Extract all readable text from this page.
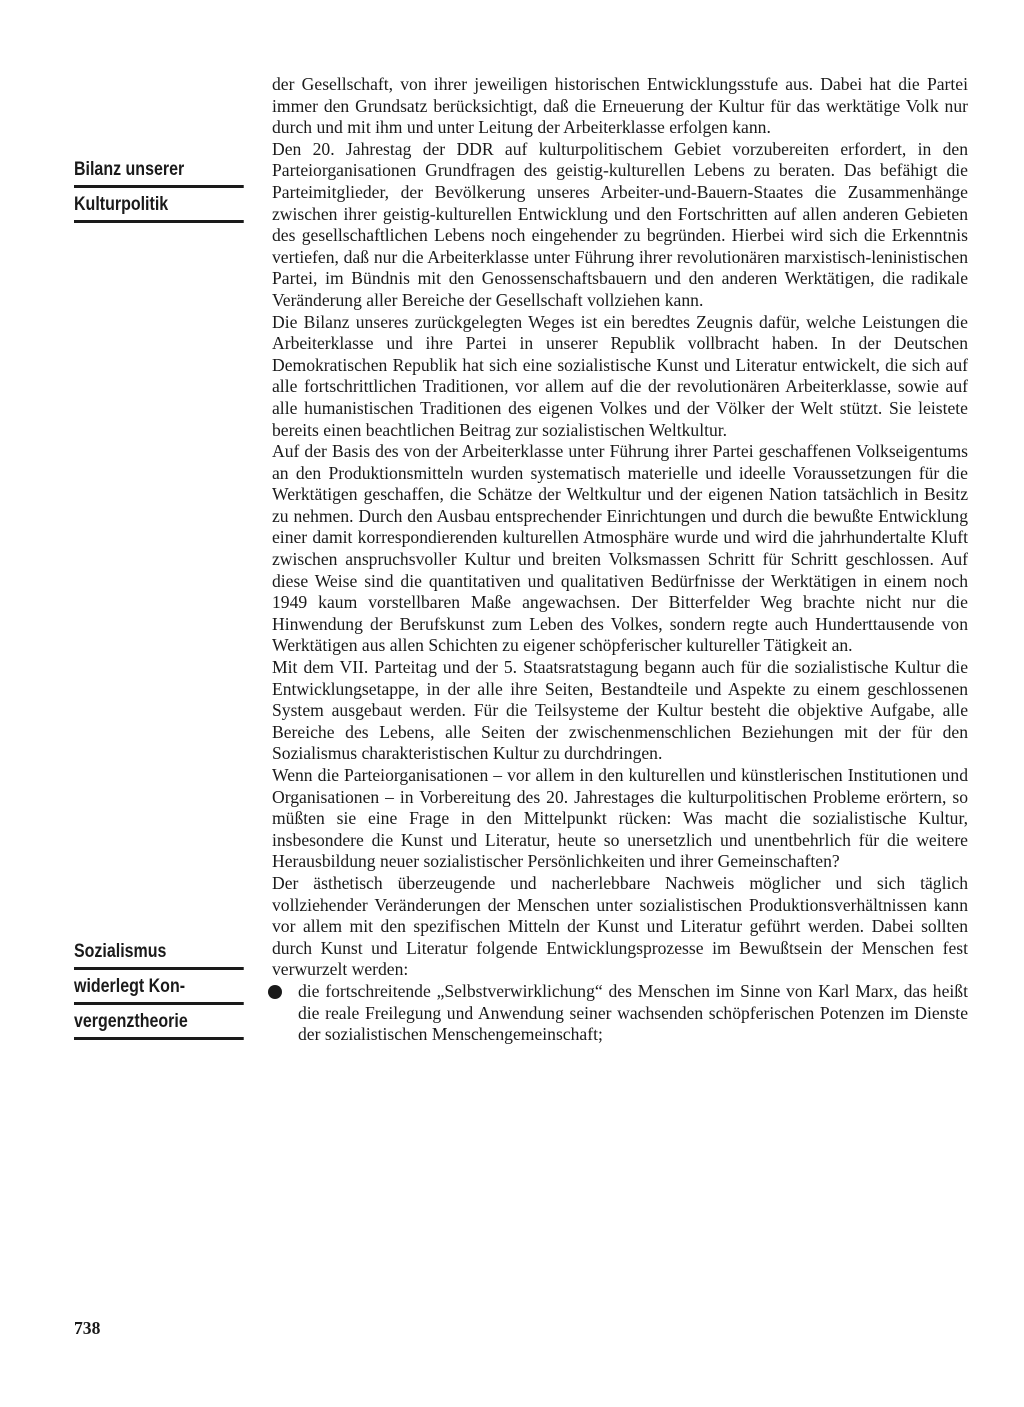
Bilanz unserer
Kulturpolitik
Sozialismus
widerlegt Kon-
vergenztheorie

der Gesellschaft, von ihrer jeweiligen historischen Entwicklungsstufe aus. Dabei hat die Partei immer den Grundsatz berücksichtigt, daß die Erneuerung der Kultur für das werktätige Volk nur durch und mit ihm und unter Leitung der Arbeiterklasse erfolgen kann.

Den 20. Jahrestag der DDR auf kulturpolitischem Gebiet vorzubereiten erfordert, in den Parteiorganisationen Grundfragen des geistig-kulturellen Lebens zu beraten. Das befähigt die Parteimitglieder, der Bevölkerung unseres Arbeiter-und-Bauern-Staates die Zusammenhänge zwischen ihrer geistig-kulturellen Entwicklung und den Fortschritten auf allen anderen Gebieten des gesellschaftlichen Lebens noch eingehender zu begründen. Hierbei wird sich die Erkenntnis vertiefen, daß nur die Arbeiterklasse unter Führung ihrer revolutionären marxistisch-leninistischen Partei, im Bündnis mit den Genossenschaftsbauern und den anderen Werktätigen, die radikale Veränderung aller Bereiche der Gesellschaft vollziehen kann.

Die Bilanz unseres zurückgelegten Weges ist ein beredtes Zeugnis dafür, welche Leistungen die Arbeiterklasse und ihre Partei in unserer Republik vollbracht haben. In der Deutschen Demokratischen Republik hat sich eine sozialistische Kunst und Literatur entwickelt, die sich auf alle fortschrittlichen Traditionen, vor allem auf die der revolutionären Arbeiterklasse, sowie auf alle humanistischen Traditionen des eigenen Volkes und der Völker der Welt stützt. Sie leistete bereits einen beachtlichen Beitrag zur sozialistischen Weltkultur.

Auf der Basis des von der Arbeiterklasse unter Führung ihrer Partei geschaffenen Volkseigentums an den Produktionsmitteln wurden systematisch materielle und ideelle Voraussetzungen für die Werktätigen geschaffen, die Schätze der Weltkultur und der eigenen Nation tatsächlich in Besitz zu nehmen. Durch den Ausbau entsprechender Einrichtungen und durch die bewußte Entwicklung einer damit korrespondierenden kulturellen Atmosphäre wurde und wird die jahrhundertalte Kluft zwischen anspruchsvoller Kultur und breiten Volksmassen Schritt für Schritt geschlossen. Auf diese Weise sind die quantitativen und qualitativen Bedürfnisse der Werktätigen in einem noch 1949 kaum vorstellbaren Maße angewachsen. Der Bitterfelder Weg brachte nicht nur die Hinwendung der Berufskunst zum Leben des Volkes, sondern regte auch Hunderttausende von Werktätigen aus allen Schichten zu eigener schöpferischer kultureller Tätigkeit an.

Mit dem VII. Parteitag und der 5. Staatsratstagung begann auch für die sozialistische Kultur die Entwicklungsetappe, in der alle ihre Seiten, Bestandteile und Aspekte zu einem geschlossenen System ausgebaut werden. Für die Teilsysteme der Kultur besteht die objektive Aufgabe, alle Bereiche des Lebens, alle Seiten der zwischenmenschlichen Beziehungen mit der für den Sozialismus charakteristischen Kultur zu durchdringen.

Wenn die Parteiorganisationen – vor allem in den kulturellen und künstlerischen Institutionen und Organisationen – in Vorbereitung des 20. Jahrestages die kulturpolitischen Probleme erörtern, so müßten sie eine Frage in den Mittelpunkt rücken: Was macht die sozialistische Kultur, insbesondere die Kunst und Literatur, heute so unersetzlich und unentbehrlich für die weitere Herausbildung neuer sozialistischer Persönlichkeiten und ihrer Gemeinschaften?

Der ästhetisch überzeugende und nacherlebbare Nachweis möglicher und sich täglich vollziehender Veränderungen der Menschen unter sozialistischen Produktionsverhältnissen kann vor allem mit den spezifischen Mitteln der Kunst und Literatur geführt werden. Dabei sollten durch Kunst und Literatur folgende Entwicklungsprozesse im Bewußtsein der Menschen fest verwurzelt werden:

die fortschreitende „Selbstverwirklichung“ des Menschen im Sinne von Karl Marx, das heißt die reale Freilegung und Anwendung seiner wachsenden schöpferischen Potenzen im Dienste der sozialistischen Menschengemeinschaft;

738
